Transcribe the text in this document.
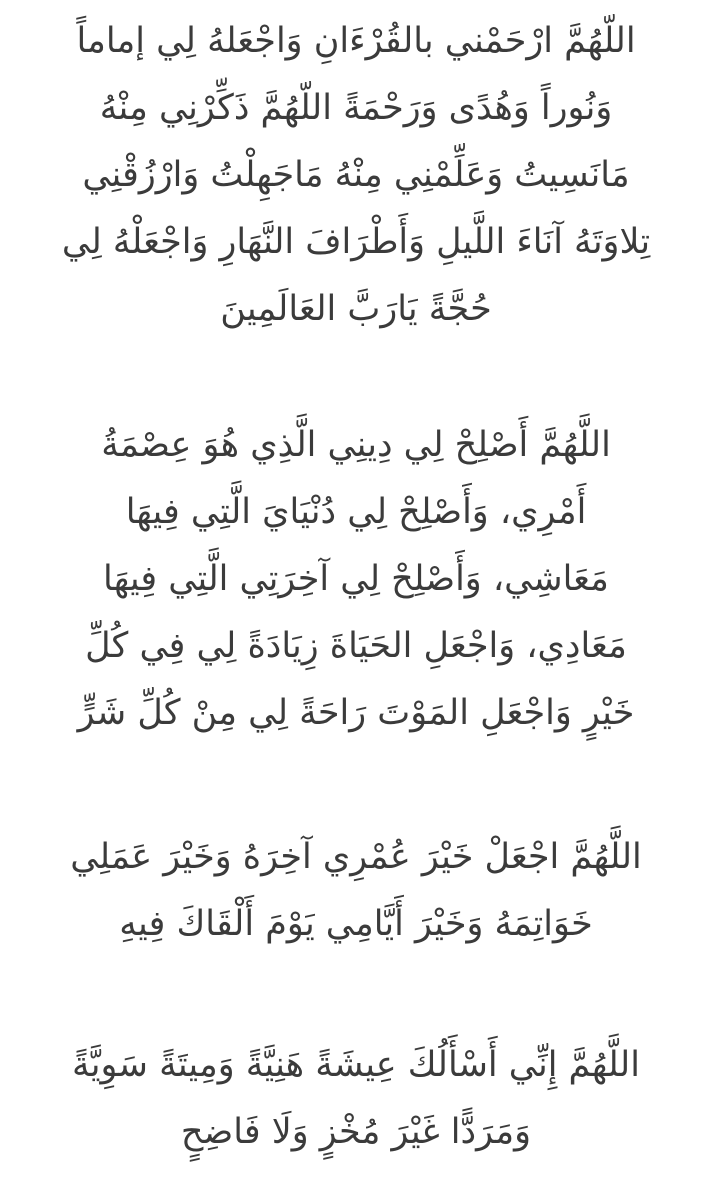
اللّهُمَّ ارْحَمْني بالقُرْءَانِ وَاجْعَلهُ لِي إماماً
وَنُوراً وَهُدًى وَرَحْمَةً اللّهُمَّ ذَكِّرْنِي مِنْهُ
مَانَسِيتُ وَعَلِّمْنِي مِنْهُ مَاجَهِلْتُ وَارْزُقْنِي
تِلاوَتَهُ آنَاءَ اللَّيلِ وَأَطْرَافَ النَّهَارِ وَاجْعَلْهُ لِي
حُجَّةً يَارَبَّ العَالَمِينَ
اللَّهُمَّ أَصْلِحْ لِي دِينِي الَّذِي هُوَ عِصْمَةُ
أَمْرِي، وَأَصْلِحْ لِي دُنْيَايَ الَّتِي فِيهَا
مَعَاشِي، وَأَصْلِحْ لِي آخِرَتِي الَّتِي فِيهَا
مَعَادِي، وَاجْعَلِ الحَيَاةَ زِيَادَةً لِي فِي كُلِّ
خَيْرٍ وَاجْعَلِ المَوْتَ رَاحَةً لِي مِنْ كُلِّ شَرٍّ
اللَّهُمَّ اجْعَلْ خَيْرَ عُمْرِي آخِرَهُ وَخَيْرَ عَمَلِي
خَوَاتِمَهُ وَخَيْرَ أَيَّامِي يَوْمَ أَلْقَاكَ فِيهِ
اللَّهُمَّ إِنِّي أَسْأَلُكَ عِيشَةً هَنِيَّةً وَمِيتَةً سَوِيَّةً
وَمَرَدًّا غَيْرَ مُخْزٍ وَلَا فَاضِحٍ
